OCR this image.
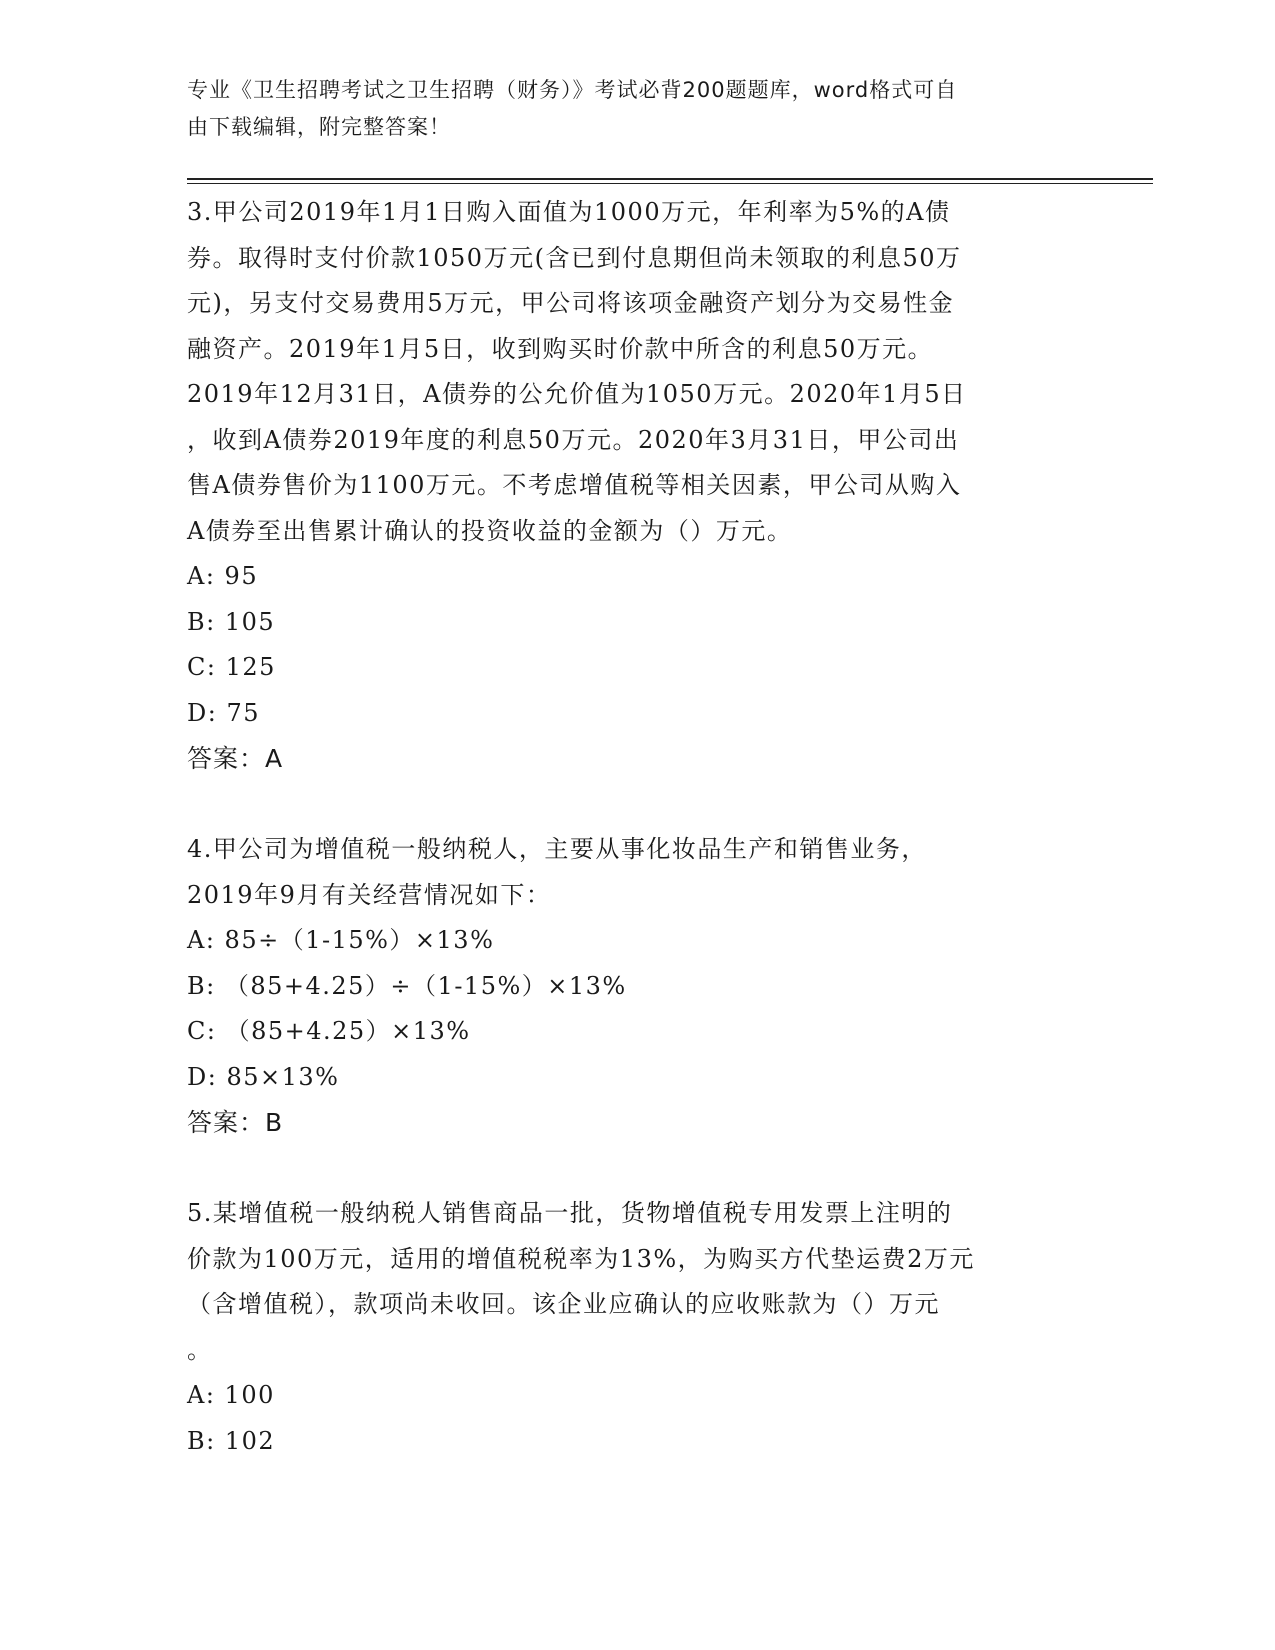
专业《卫生招聘考试之卫生招聘（财务）》考试必背200题题库，word格式可自
由下载编辑，附完整答案！
3.甲公司2019年1月1日购入面值为1000万元，年利率为5%的A债
券。取得时支付价款1050万元(含已到付息期但尚未领取的利息50万
元)，另支付交易费用5万元，甲公司将该项金融资产划分为交易性金
融资产。2019年1月5日，收到购买时价款中所含的利息50万元。
2019年12月31日，A债券的公允价值为1050万元。2020年1月5日
，收到A债券2019年度的利息50万元。2020年3月31日，甲公司出
售A债券售价为1100万元。不考虑增值税等相关因素，甲公司从购入
A债券至出售累计确认的投资收益的金额为（）万元。
A: 95
B: 105
C: 125
D: 75
答案：A
4.甲公司为增值税一般纳税人，主要从事化妆品生产和销售业务，
2019年9月有关经营情况如下：
A: 85÷（1-15%）×13%
B: （85+4.25）÷（1-15%）×13%
C: （85+4.25）×13%
D: 85×13%
答案：B
5.某增值税一般纳税人销售商品一批，货物增值税专用发票上注明的
价款为100万元，适用的增值税税率为13%，为购买方代垫运费2万元
（含增值税），款项尚未收回。该企业应确认的应收账款为（）万元
。
A: 100
B: 102
